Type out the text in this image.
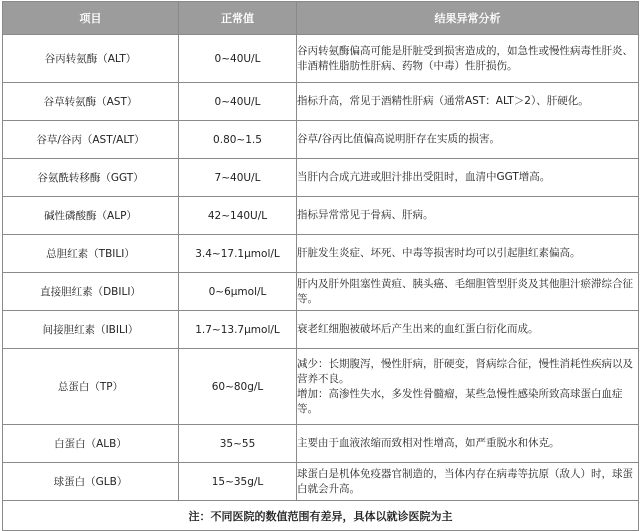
项目	正常值	结果异常分析
谷丙转氨酶（ALT）	0~40U/L	谷丙转氨酶偏高可能是肝脏受到损害造成的，如急性或慢性病毒性肝炎、非酒精性脂肪性肝病、药物（中毒）性肝损伤。

谷草转氨酶（AST）	0~40U/L	指标升高，常见于酒精性肝病（通常AST：ALT＞2）、肝硬化。

谷草/谷丙（AST/ALT）	0.80~1.5	谷草/谷丙比值偏高说明肝存在实质的损害。

谷氨酰转移酶（GGT）	7~40U/L	当肝内合成亢进或胆汁排出受阻时，血清中GGT增高。

碱性磷酸酶（ALP）	42~140U/L	指标异常常见于骨病、肝病。

总胆红素（TBILI）	3.4~17.1μmol/L	肝脏发生炎症、坏死、中毒等损害时均可以引起胆红素偏高。

直接胆红素（DBILI）	0~6μmol/L	肝内及肝外阻塞性黄疸、胰头癌、毛细胆管型肝炎及其他胆汁瘀滞综合征等。

间接胆红素（IBILI）	1.7~13.7μmol/L	衰老红细胞被破坏后产生出来的血红蛋白衍化而成。

总蛋白（TP）	60~80g/L	减少：长期腹泻，慢性肝病，肝硬变，肾病综合征，慢性消耗性疾病以及营养不良。
增加：高渗性失水，多发性骨髓瘤，某些急慢性感染所致高球蛋白血症等。

白蛋白（ALB）	35~55	主要由于血液浓缩而致相对性增高，如严重脱水和休克。

球蛋白（GLB）	15~35g/L	球蛋白是机体免疫器官制造的，当体内存在病毒等抗原（敌人）时，球蛋白就会升高。

注：不同医院的数值范围有差异，具体以就诊医院为主		
